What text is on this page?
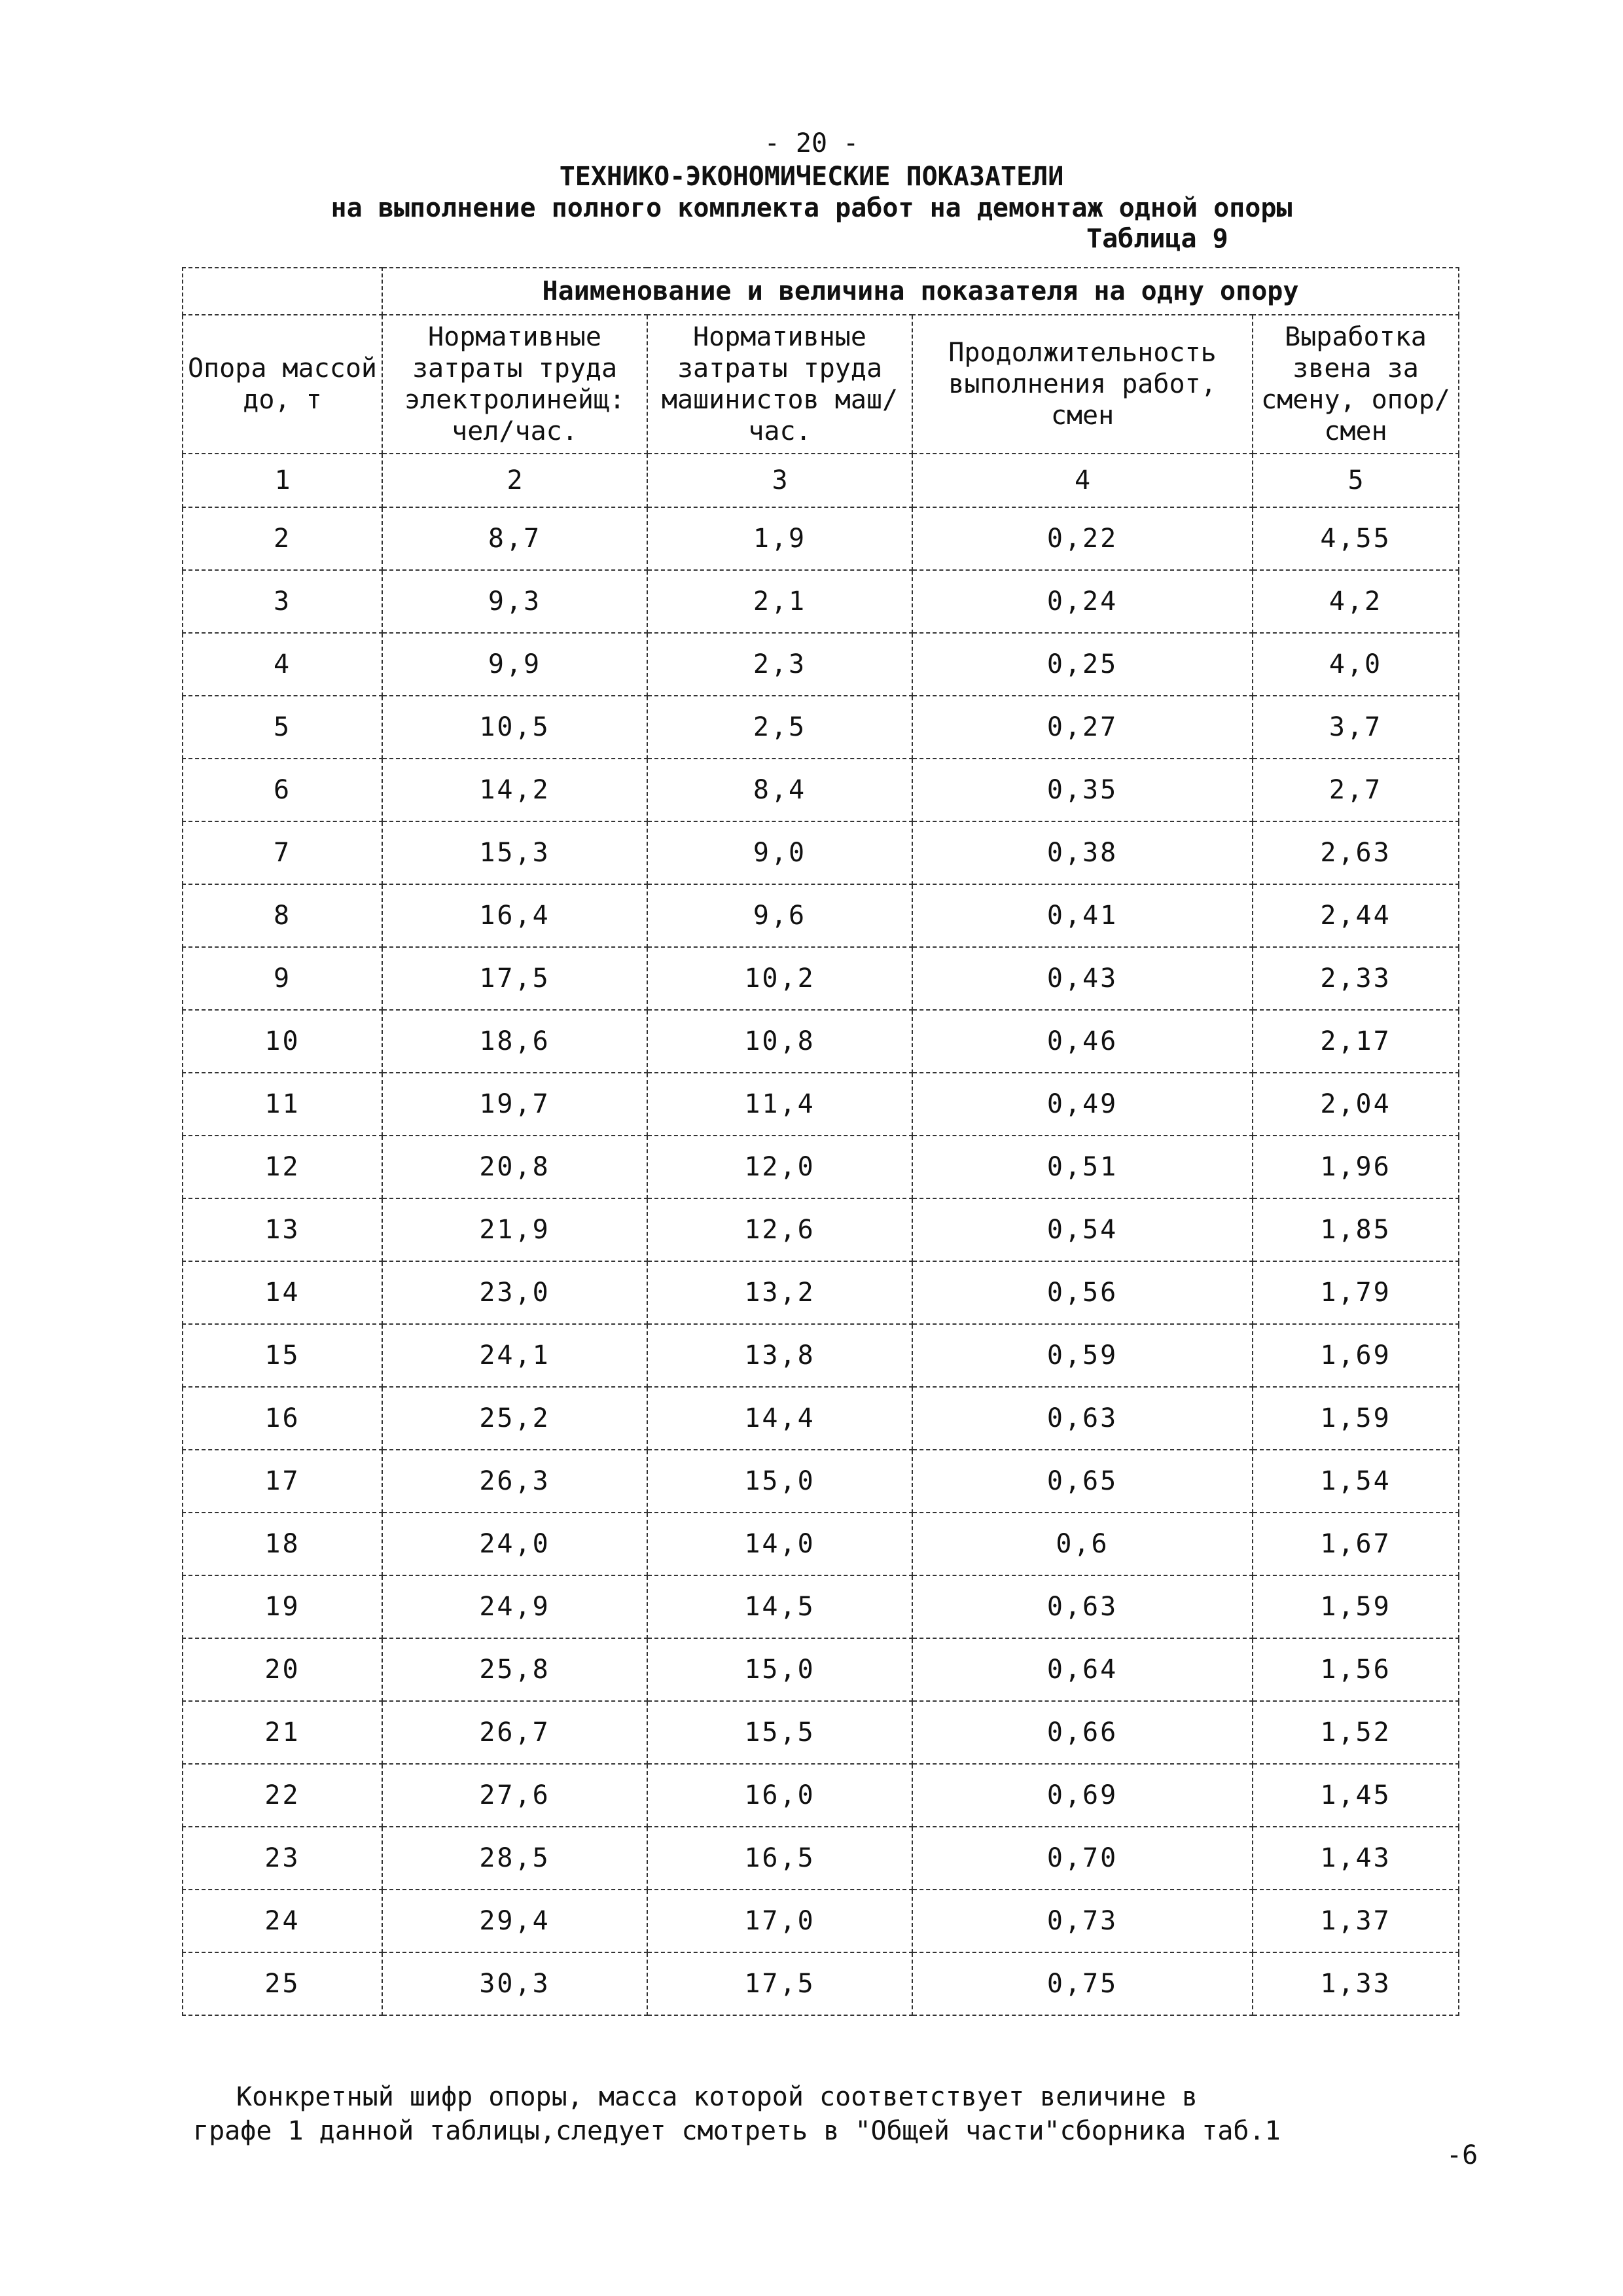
- 20 -
ТЕХНИКО-ЭКОНОМИЧЕСКИЕ ПОКАЗАТЕЛИ
на выполнение полного комплекта работ на демонтаж одной опоры
Таблица 9
	Наименование и величина показателя на одну опору			
Опора массой до, т	Нормативные затраты труда электролинейщ: чел/час.	Нормативные затраты труда машинистов маш/час.	Продолжительность выполнения работ, смен	Выработка звена за смену, опор/смен
1	2	3	4	5
2	8,7	1,9	0,22	4,55
3	9,3	2,1	0,24	4,2
4	9,9	2,3	0,25	4,0
5	10,5	2,5	0,27	3,7
6	14,2	8,4	0,35	2,7
7	15,3	9,0	0,38	2,63
8	16,4	9,6	0,41	2,44
9	17,5	10,2	0,43	2,33
10	18,6	10,8	0,46	2,17
11	19,7	11,4	0,49	2,04
12	20,8	12,0	0,51	1,96
13	21,9	12,6	0,54	1,85
14	23,0	13,2	0,56	1,79
15	24,1	13,8	0,59	1,69
16	25,2	14,4	0,63	1,59
17	26,3	15,0	0,65	1,54
18	24,0	14,0	0,6	1,67
19	24,9	14,5	0,63	1,59
20	25,8	15,0	0,64	1,56
21	26,7	15,5	0,66	1,52
22	27,6	16,0	0,69	1,45
23	28,5	16,5	0,70	1,43
24	29,4	17,0	0,73	1,37
25	30,3	17,5	0,75	1,33
Конкретный шифр опоры, масса которой соответствует величине в
графе 1 данной таблицы,следует смотреть в "Общей части"сборника таб.1
-6
